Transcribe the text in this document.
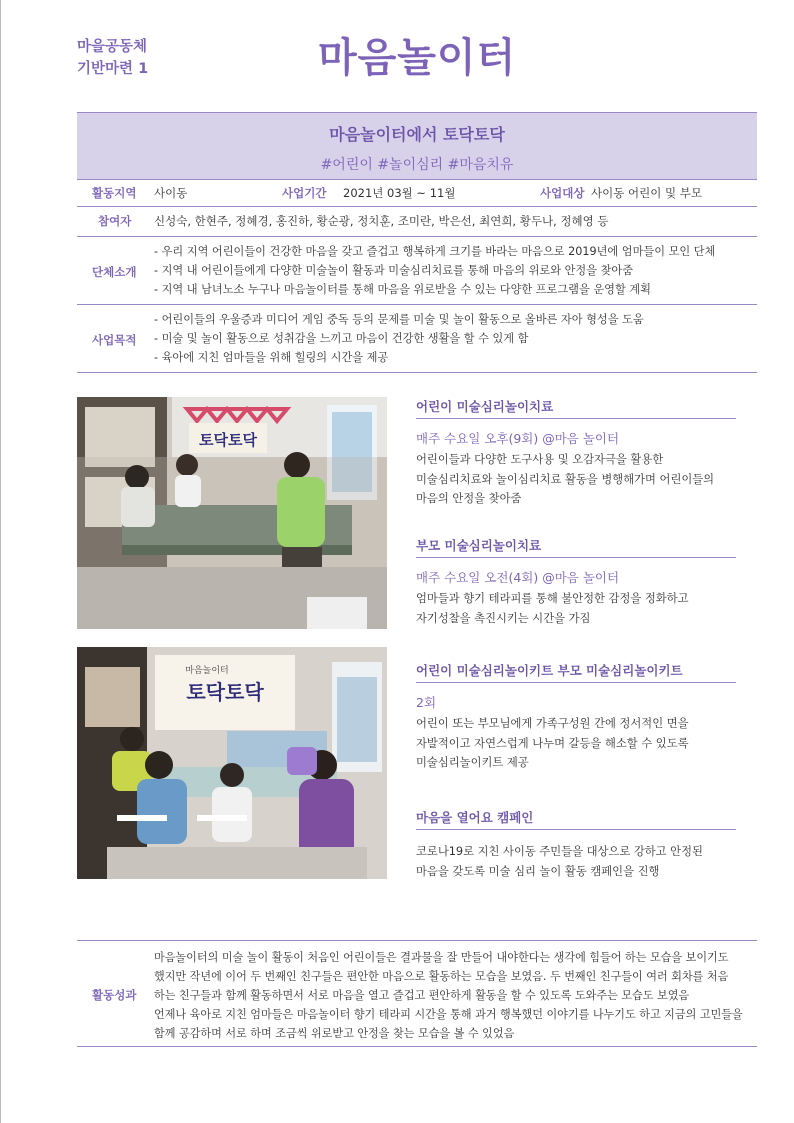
마을공동체
기반마련 1	마음놀이터
마음놀이터에서 토닥토닥
#어린이 #놀이심리 #마음치유
활동지역 사이동	사업기간 2021년 03월 ~ 11월	사업대상 사이동 어린이 및 부모
참여자 신성숙, 한현주, 정혜경, 홍진하, 황순광, 정치훈, 조미란, 박은선, 최연희, 황두나, 정혜영 등
단체소개
- 우리 지역 어린이들이 건강한 마음을 갖고 즐겁고 행복하게 크기를 바라는 마음으로 2019년에 엄마들이 모인 단체
- 지역 내 어린이들에게 다양한 미술놀이 활동과 미술심리치료를 통해 마음의 위로와 안정을 찾아줌
- 지역 내 남녀노소 누구나 마음놀이터를 통해 마음을 위로받을 수 있는 다양한 프로그램을 운영할 계획
사업목적
- 어린이들의 우울증과 미디어 게임 중독 등의 문제를 미술 및 놀이 활동으로 올바른 자아 형성을 도움
- 미술 및 놀이 활동으로 성취감을 느끼고 마음이 건강한 생활을 할 수 있게 함
- 육아에 지친 엄마들을 위해 힐링의 시간을 제공
토닥토닥
토닥토닥
마음놀이터
어린이 미술심리놀이치료
매주 수요일 오후(9회) @마음 놀이터
어린이들과 다양한 도구사용 및 오감자극을 활용한
미술심리치료와 놀이심리치료 활동을 병행해가며 어린이들의
마음의 안정을 찾아줌
부모 미술심리놀이치료
매주 수요일 오전(4회) @마음 놀이터
엄마들과 향기 테라피를 통해 불안정한 감정을 정화하고
자기성찰을 촉진시키는 시간을 가짐
어린이 미술심리놀이키트 부모 미술심리놀이키트
2회
어린이 또는 부모님에게 가족구성원 간에 정서적인 면을
자발적이고 자연스럽게 나누며 갈등을 해소할 수 있도록
미술심리놀이키트 제공
마음을 열어요 캠페인
코로나19로 지친 사이동 주민들을 대상으로 강하고 안정된
마음을 갖도록 미술 심리 놀이 활동 캠페인을 진행
활동성과
마음놀이터의 미술 놀이 활동이 처음인 어린이들은 결과물을 잘 만들어 내야한다는 생각에 힘들어 하는 모습을 보이기도
했지만 작년에 이어 두 번째인 친구들은 편안한 마음으로 활동하는 모습을 보였음. 두 번째인 친구들이 여러 회차를 처음
하는 친구들과 함께 활동하면서 서로 마음을 열고 즐겁고 편안하게 활동을 할 수 있도록 도와주는 모습도 보였음
언제나 육아로 지친 엄마들은 마음놀이터 향기 테라피 시간을 통해 과거 행복했던 이야기를 나누기도 하고 지금의 고민들을
함께 공감하며 서로 하며 조금씩 위로받고 안정을 찾는 모습을 볼 수 있었음
